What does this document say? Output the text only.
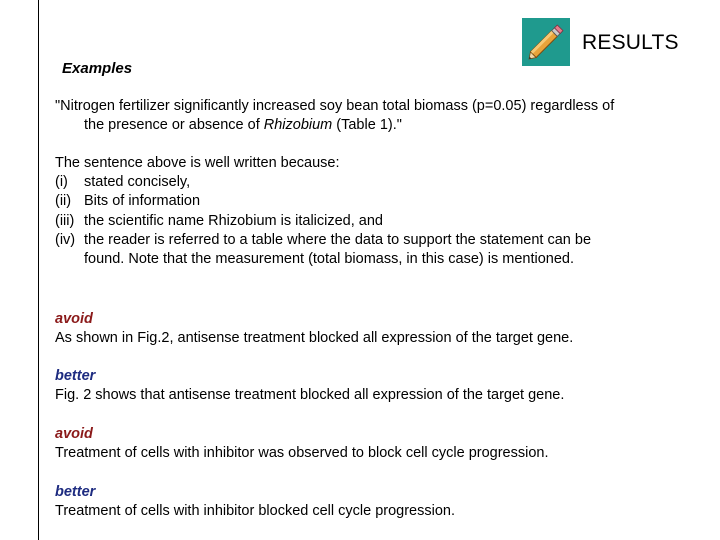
RESULTS
Examples
"Nitrogen fertilizer significantly increased soy bean total biomass (p=0.05) regardless of
the presence or absence of Rhizobium (Table 1)."
The sentence above is well written because:
(i) stated concisely,
(ii) Bits of information
(iii) the scientific name Rhizobium is italicized, and
(iv) the reader is referred to a table where the data to support the statement can be
found. Note that the measurement (total biomass, in this case) is mentioned.
avoid
As shown in Fig.2, antisense treatment blocked all expression of the target gene.
better
Fig. 2 shows that antisense treatment blocked all expression of the target gene.
avoid
Treatment of cells with inhibitor was observed to block cell cycle progression.
better
Treatment of cells with inhibitor blocked cell cycle progression.
